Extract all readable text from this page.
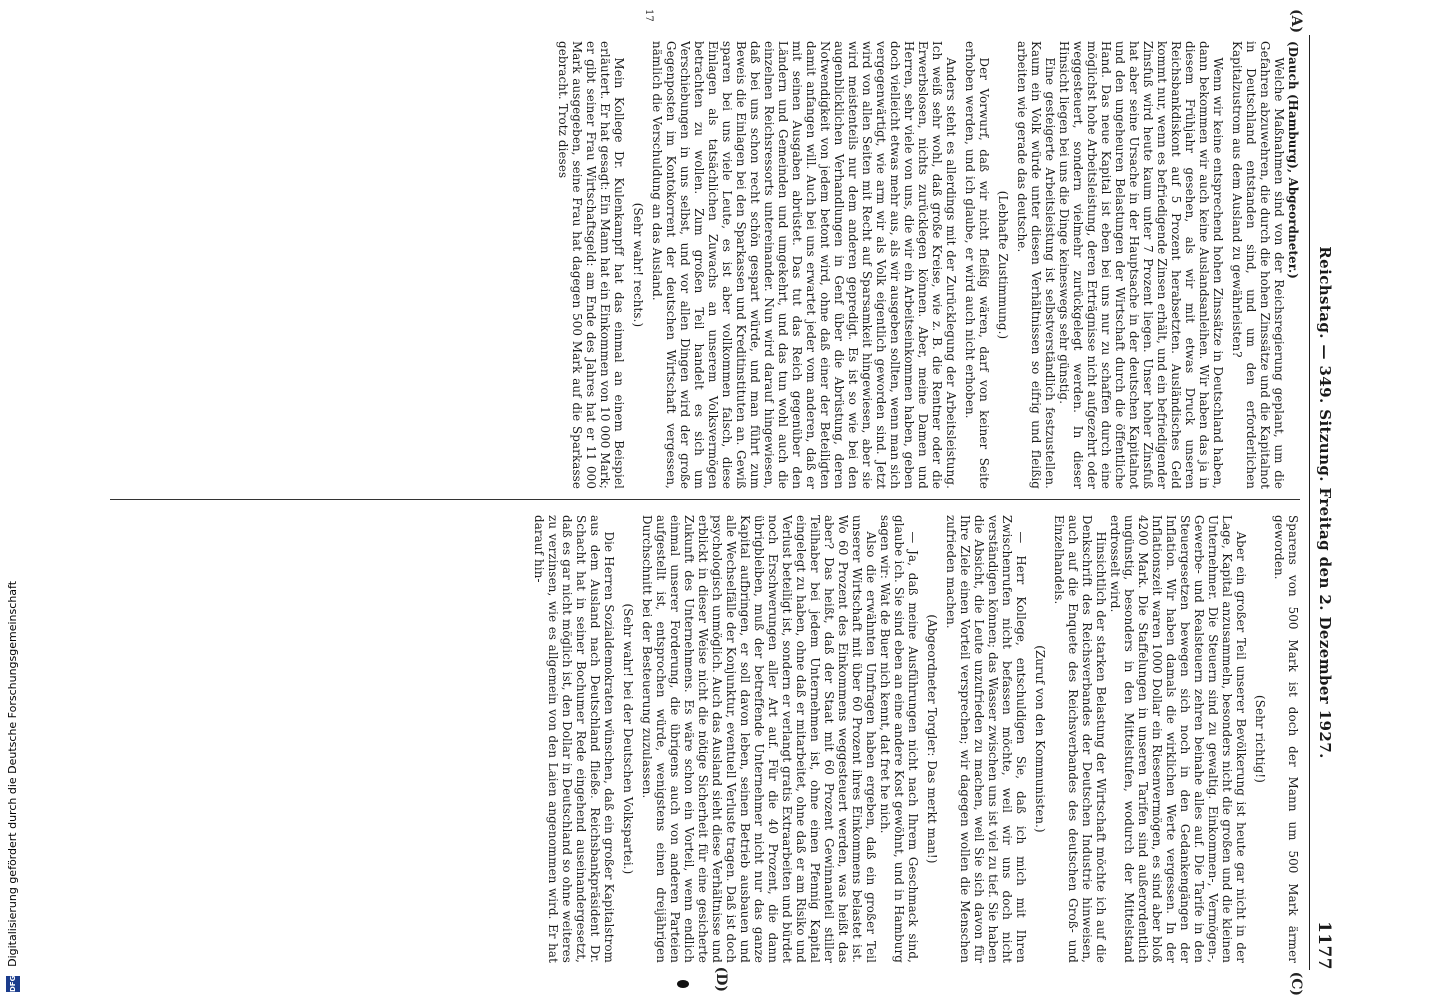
Reichstag. — 349. Sitzung. Freitag den 2. Dezember 1927.
1177
(A)
17
(C)
(D)

(Dauch (Hamburg), Abgeordneter.)

Welche Maßnahmen sind von der Reichsregierung geplant, um die Gefahren abzuwehren, die durch die hohen Zinssätze und die Kapitalnot in Deutschland entstanden sind, und um den erforderlichen Kapitalzustrom aus dem Ausland zu gewährleisten?

Wenn wir keine entsprechend hohen Zinssätze in Deutschland haben, dann bekommen wir auch keine Auslandsanleihen. Wir haben das ja in diesem Frühjahr gesehen, als wir mit etwas Druck unseren Reichsbankdiskont auf 5 Prozent herabsetzten. Ausländisches Geld kommt nur, wenn es befriedigende Zinsen erhält, und ein befriedigender Zinsfuß wird heute kaum unter 7 Prozent liegen. Unser hoher Zinsfuß hat aber seine Ursache in der Hauptsache in der deutschen Kapitalnot und den ungeheuren Belastungen der Wirtschaft durch die öffentliche Hand. Das neue Kapital ist eben bei uns nur zu schaffen durch eine möglichst hohe Arbeitsleistung, deren Erträgnisse nicht aufgezehrt oder weggesteuert, sondern vielmehr zurückgelegt werden. In dieser Hinsicht liegen bei uns die Dinge keineswegs sehr günstig.

Eine gesteigerte Arbeitsleistung ist selbstverständlich festzustellen. Kaum ein Volk würde unter diesen Verhältnissen so eifrig und fleißig arbeiten wie gerade das deutsche.

(Lebhafte Zustimmung.)

Der Vorwurf, daß wir nicht fleißig wären, darf von keiner Seite erhoben werden, und ich glaube, er wird auch nicht erhoben.

Anders steht es allerdings mit der Zurücklegung der Arbeitsleistung. Ich weiß sehr wohl, daß große Kreise, wie z. B. die Rentner oder die Erwerbslosen, nichts zurücklegen können. Aber, meine Damen und Herren, sehr viele von uns, die wir ein Arbeitseinkommen haben, geben doch vielleicht etwas mehr aus, als wir ausgeben sollten, wenn man sich vergegenwärtigt, wie arm wir als Volk eigentlich geworden sind. Jetzt wird von allen Seiten mit Recht auf Sparsamkeit hingewiesen, aber sie wird meistenteils nur dem anderen gepredigt. Es ist so wie bei den augenblicklichen Verhandlungen in Genf über die Abrüstung, deren Notwendigkeit von jedem betont wird, ohne daß einer der Beteiligten damit anfangen will. Auch bei uns erwartet jeder vom anderen, daß er mit seinen Ausgaben abrüstet. Das tut das Reich gegenüber den Ländern und Gemeinden und umgekehrt, und das tun wohl auch die einzelnen Reichsressorts untereinander. Nun wird darauf hingewiesen, daß bei uns schon recht schön gespart würde, und man führt zum Beweis die Einlagen bei den Sparkassen und Kreditinstituten an. Gewiß sparen bei uns viele Leute, es ist aber vollkommen falsch, diese Einlagen als tatsächlichen Zuwachs an unserem Volksvermögen betrachten zu wollen. Zum großen Teil handelt es sich um Verschiebungen in uns selbst, und vor allen Dingen wird der große Gegenposten im Kontokorrent der deutschen Wirtschaft vergessen, nämlich die Verschuldung an das Ausland.

(Sehr wahr! rechts.)

Mein Kollege Dr. Kulenkampff hat das einmal an einem Beispiel erläutert. Er hat gesagt: Ein Mann hat ein Einkommen von 10 000 Mark; er gibt seiner Frau Wirtschaftsgeld: am Ende des Jahres hat er 11 000 Mark ausgegeben, seine Frau hat dagegen 500 Mark auf die Sparkasse gebracht. Trotz dieses

Sparens von 500 Mark ist doch der Mann um 500 Mark ärmer geworden.

(Sehr richtig!)

Aber ein großer Teil unserer Bevölkerung ist heute gar nicht in der Lage, Kapital anzusammeln, besonders nicht die großen und die kleinen Unternehmer. Die Steuern sind zu gewaltig. Einkommen-, Vermögen-, Gewerbe- und Realsteuern zehren beinahe alles auf. Die Tarife in den Steuergesetzen bewegen sich noch in den Gedankengängen der Inflation. Wir haben damals die wirklichen Werte vergessen. In der Inflationszeit waren 1000 Dollar ein Riesenvermögen, es sind aber bloß 4200 Mark. Die Staffelungen in unseren Tarifen sind außerordentlich ungünstig, besonders in den Mittelstufen, wodurch der Mittelstand erdrosselt wird.

Hinsichtlich der starken Belastung der Wirtschaft möchte ich auf die Denkschrift des Reichsverbandes der Deutschen Industrie hinweisen, auch auf die Enquete des Reichsverbandes des deutschen Groß- und Einzelhandels.

(Zuruf von den Kommunisten.)

— Herr Kollege, entschuldigen Sie, daß ich mich mit Ihren Zwischenrufen nicht befassen möchte, weil wir uns doch nicht verständigen können; das Wasser zwischen uns ist viel zu tief. Sie haben die Absicht, die Leute unzufrieden zu machen, weil Sie sich davon für Ihre Ziele einen Vorteil versprechen; wir dagegen wollen die Menschen zufrieden machen.

(Abgeordneter Torgler: Das merkt man!)

— Ja, daß meine Ausführungen nicht nach Ihrem Geschmack sind, glaube ich. Sie sind eben an eine andere Kost gewöhnt, und in Hamburg sagen wir: Wat de Buer nich kennt, dat fret he nich.

Also die erwähnten Umfragen haben ergeben, daß ein großer Teil unserer Wirtschaft mit über 60 Prozent ihres Einkommens belastet ist. Wo 60 Prozent des Einkommens weggesteuert werden, was heißt das aber? Das heißt, daß der Staat mit 60 Prozent Gewinnanteil stiller Teilhaber bei jedem Unternehmen ist, ohne einen Pfennig Kapital eingelegt zu haben, ohne daß er mitarbeitet, ohne daß er am Risiko und Verlust beteiligt ist, sondern er verlangt gratis Extraarbeiten und bürdet noch Erschwerungen aller Art auf. Für die 40 Prozent, die dann übrigbleiben, muß der betreffende Unternehmer nicht nur das ganze Kapital aufbringen, er soll davon leben, seinen Betrieb ausbauen und alle Wechselfälle der Konjunktur, eventuell Verluste tragen. Daß ist doch psychologisch unmöglich. Auch das Ausland sieht diese Verhältnisse und erblickt in dieser Weise nicht die nötige Sicherheit für eine gesicherte Zukunft des Unternehmens. Es wäre schon ein Vorteil, wenn endlich einmal unserer Forderung, die übrigens auch von anderen Parteien aufgestellt ist, entsprochen würde, wenigstens einen dreijährigen Durchschnitt bei der Besteuerung zuzulassen.

(Sehr wahr! bei der Deutschen Volkspartei.)

Die Herren Sozialdemokraten wünschen, daß ein großer Kapitalstrom aus dem Ausland nach Deutschland fließe. Reichsbankpräsident Dr. Schacht hat in seiner Bochumer Rede eingehend auseinandergesetzt, daß es gar nicht möglich ist, den Dollar in Deutschland so ohne weiteres zu verzinsen, wie es allgemein von den Laien angenommen wird. Er hat darauf hin-

DFG Digitalisierung gefördert durch die Deutsche Forschungsgemeinschaft
